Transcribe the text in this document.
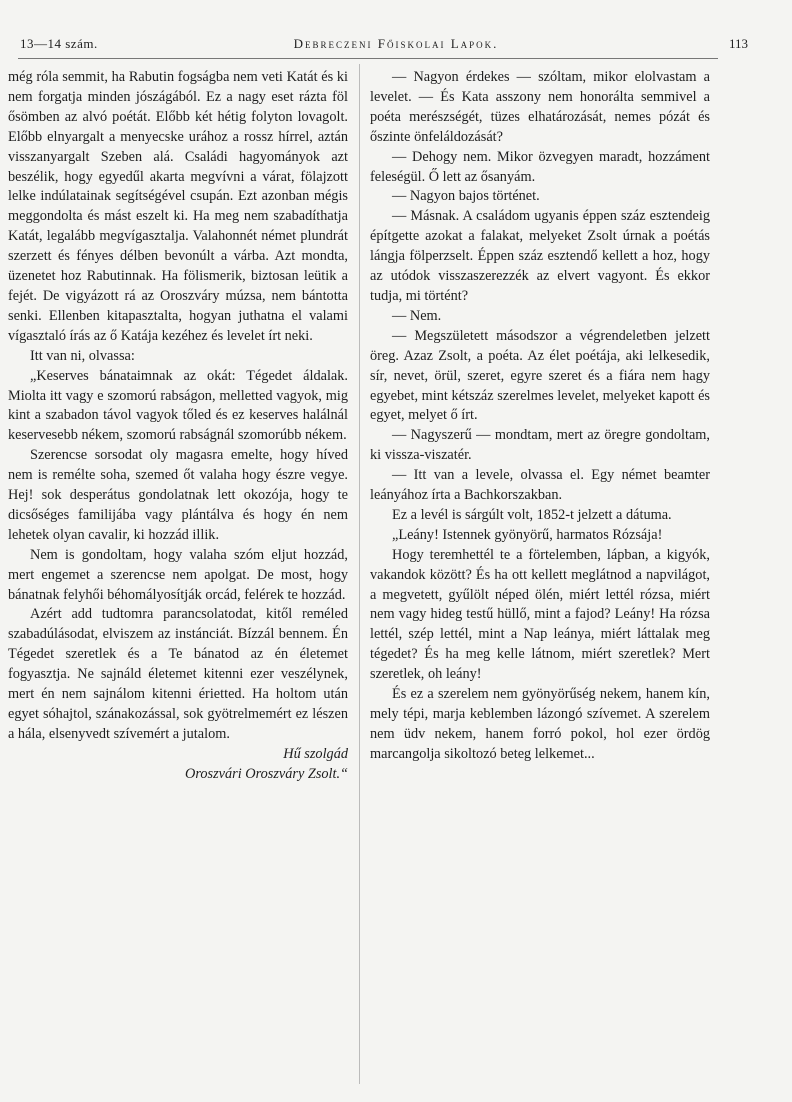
13—14 szám.	Debreczeni Főiskolai Lapok.	113

még róla semmit, ha Rabutin fogságba nem veti Katát és ki nem forgatja minden jószágából. Ez a nagy eset rázta föl ősömben az alvó poétát. Előbb két hétig folyton lovagolt. Előbb elnyargalt a menyecske urához a rossz hírrel, aztán visszanyargalt Szeben alá. Családi hagyományok azt beszélik, hogy egyedűl akarta megvívni a várat, fölajzott lelke indúlatainak segítségével csupán. Ezt azonban mégis meggondolta és mást eszelt ki. Ha meg nem szabadíthatja Katát, legalább megvígasztalja. Valahonnét német plundrát szerzett és fényes délben bevonúlt a várba. Azt mondta, üzenetet hoz Rabutinnak. Ha fölismerik, biztosan leütik a fejét. De vigyázott rá az Oroszváry múzsa, nem bántotta senki. Ellenben kitapasztalta, hogyan juthatna el valami vígasztaló írás az ő Katája kezéhez és levelet írt neki.

Itt van ni, olvassa:

„Keserves bánataimnak az okát: Tégedet áldalak. Miolta itt vagy e szomorú rabságon, melletted vagyok, mig kint a szabadon távol vagyok tőled és ez keserves halálnál keservesebb nékem, szomorú rabságnál szomorúbb nékem.

Szerencse sorsodat oly magasra emelte, hogy híved nem is remélte soha, szemed őt valaha hogy észre vegye. Hej! sok desperátus gondolatnak lett okozója, hogy te dicsőséges familijába vagy plántálva és hogy én nem lehetek olyan cavalir, ki hozzád illik.

Nem is gondoltam, hogy valaha szóm eljut hozzád, mert engemet a szerencse nem apolgat. De most, hogy bánatnak felyhői béhomályosítják orcád, felérek te hozzád.

Azért add tudtomra parancsolatodat, kitől reméled szabadúlásodat, elviszem az instánciát. Bízzál bennem. Én Tégedet szeretlek és a Te bánatod az én életemet fogyasztja. Ne sajnáld életemet kitenni ezer veszélynek, mert én nem sajnálom kitenni érietted. Ha holtom után egyet sóhajtol, szánakozással, sok gyötrelmemért ez lészen a hála, elsenyvedt szívemért a jutalom.

Hű szolgád

Oroszvári Oroszváry Zsolt.“

— Nagyon érdekes — szóltam, mikor elolvastam a levelet. — És Kata asszony nem honorálta semmivel a poéta merészségét, tüzes elhatározását, nemes pózát és őszinte önfeláldozását?

— Dehogy nem. Mikor özvegyen maradt, hozzáment feleségül. Ő lett az ősanyám.

— Nagyon bajos történet.

— Másnak. A családom ugyanis éppen száz esztendeig építgette azokat a falakat, melyeket Zsolt úrnak a poétás lángja fölperzselt. Éppen száz esztendő kellett a hoz, hogy az utódok visszaszerezzék az elvert vagyont. És ekkor tudja, mi történt?

— Nem.

— Megszületett másodszor a végrendeletben jelzett öreg. Azaz Zsolt, a poéta. Az élet poétája, aki lelkesedik, sír, nevet, örül, szeret, egyre szeret és a fiára nem hagy egyebet, mint kétszáz szerelmes levelet, melyeket kapott és egyet, melyet ő írt.

— Nagyszerű — mondtam, mert az öregre gondoltam, ki vissza-viszatér.

— Itt van a levele, olvassa el. Egy német beamter leányához írta a Bachkorszakban.

Ez a levél is sárgúlt volt, 1852-t jelzett a dátuma.

„Leány! Istennek gyönyörű, harmatos Rózsája!

Hogy teremhettél te a förtelemben, lápban, a kigyók, vakandok között? És ha ott kellett meglátnod a napvilágot, a megvetett, gyűlölt néped ölén, miért lettél rózsa, miért nem vagy hideg testű hüllő, mint a fajod? Leány! Ha rózsa lettél, szép lettél, mint a Nap leánya, miért láttalak meg tégedet? És ha meg kelle látnom, miért szeretlek? Mert szeretlek, oh leány!

És ez a szerelem nem gyönyörűség nekem, hanem kín, mely tépi, marja keblemben lázongó szívemet. A szerelem nem üdv nekem, hanem forró pokol, hol ezer ördög marcangolja sikoltozó beteg lelkemet...
